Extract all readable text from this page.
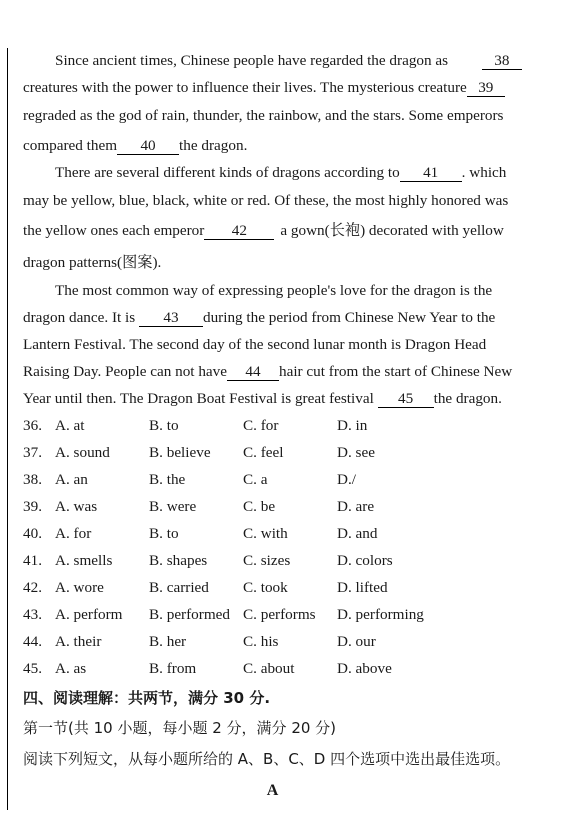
Since ancient times, Chinese people have regarded the dragon as	38
creatures with the power to influence their lives. The mysterious creature 39
regraded as the god of rain, thunder, the rainbow, and the stars. Some emperors
compared them 40 the dragon.
There are several different kinds of dragons according to 41 . which
may be yellow, blue, black, white or red. Of these, the most highly honored was
the yellow ones each emperor 42 a gown(长袍) decorated with yellow
dragon patterns(图案).
The most common way of expressing people's love for the dragon is the
dragon dance. It is 43 during the period from Chinese New Year to the
Lantern Festival. The second day of the second lunar month is Dragon Head
Raising Day. People can not have 44 hair cut from the start of Chinese New
Year until then. The Dragon Boat Festival is great festival 45 the dragon.
36. A. at	B. to	C. for	D. in
37. A. sound	B. believe C. feel	D. see
38. A. an	B. the	C. a	D./
39. A. was	B. were	C. be	D. are
40. A. for	B. to	C. with	D. and
41. A. smells B. shapes C. sizes	D. colors
42. A. wore	B. carried C. took	D. lifted
43. A. perform B. performed C. performs D. performing
44. A. their	B. her	C. his	D. our
45. A. as	B. from	C. about	D. above
四、阅读理解：共两节，满分 30 分.
第一节(共 10 小题，每小题 2 分，满分 20 分)
阅读下列短文，从每小题所给的 A、B、C、D 四个选项中选出最佳选项。
A
